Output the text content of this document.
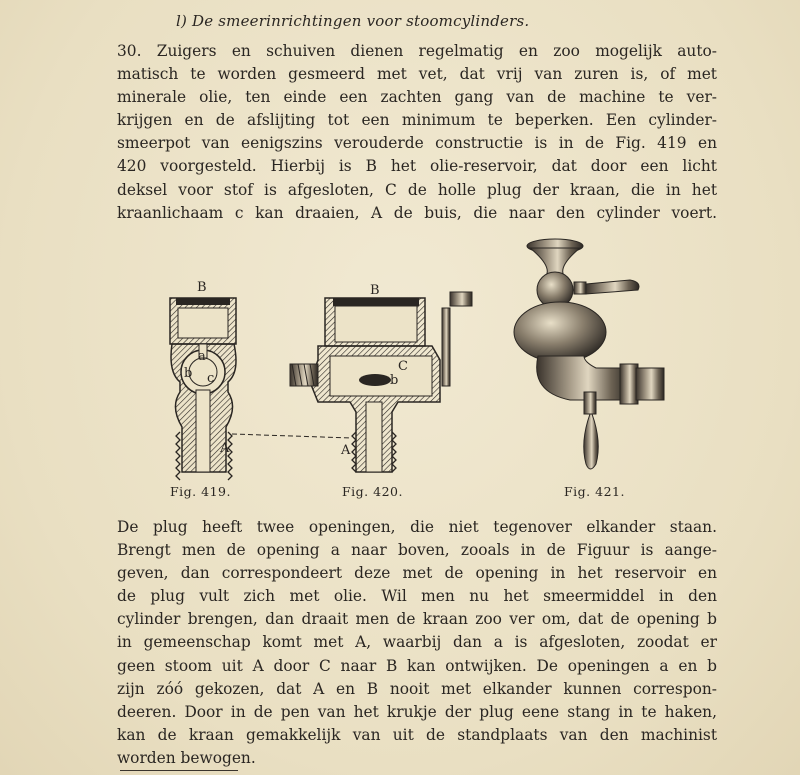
l) De smeerinrichtingen voor stoomcylinders.
30. Zuigers en schuiven dienen regelmatig en zoo mogelijk auto-
matisch te worden gesmeerd met vet, dat vrij van zuren is, of met
minerale olie, ten einde een zachten gang van de machine te ver-
krijgen en de afslijting tot een minimum te beperken. Een cylinder-
smeerpot van eenigszins verouderde constructie is in de Fig. 419 en
420 voorgesteld. Hierbij is B het olie-reservoir, dat door een licht
deksel voor stof is afgesloten, C de holle plug der kraan, die in het
kraanlichaam c kan draaien, A de buis, die naar den cylinder voert.
B
a
b c
A
B
C
b
A
Fig. 419.	Fig. 420.	Fig. 421.
De plug heeft twee openingen, die niet tegenover elkander staan.
Brengt men de opening a naar boven, zooals in de Figuur is aange-
geven, dan correspondeert deze met de opening in het reservoir en
de plug vult zich met olie. Wil men nu het smeermiddel in den
cylinder brengen, dan draait men de kraan zoo ver om, dat de opening b
in gemeenschap komt met A, waarbij dan a is afgesloten, zoodat er
geen stoom uit A door C naar B kan ontwijken. De openingen a en b
zijn zóó gekozen, dat A en B nooit met elkander kunnen correspon-
deeren. Door in de pen van het krukje der plug eene stang in te haken,
kan de kraan gemakkelijk van uit de standplaats van den machinist
worden bewogen.
